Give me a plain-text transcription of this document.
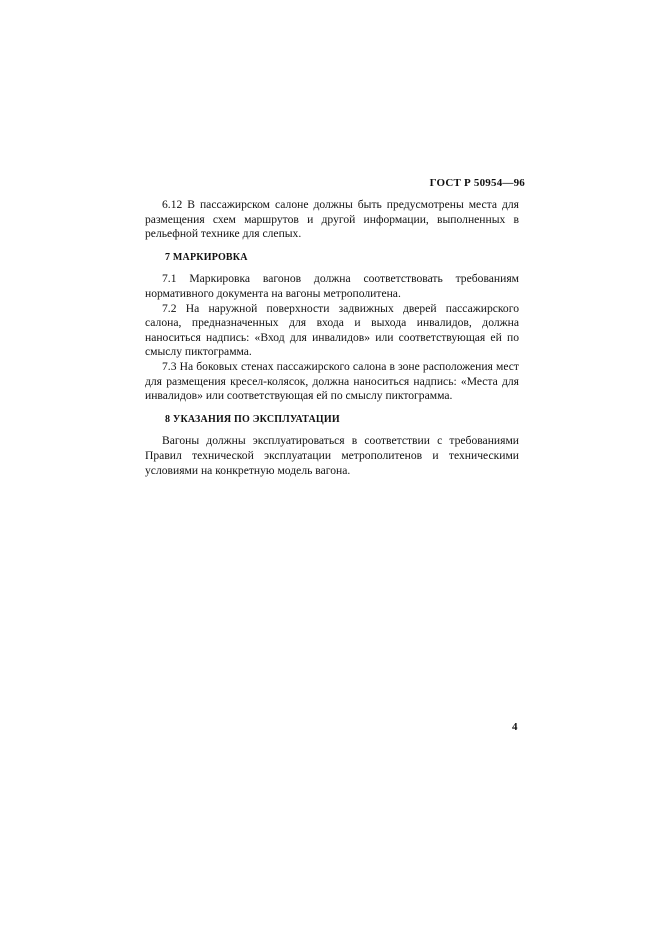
ГОСТ Р 50954—96

6.12 В пассажирском салоне должны быть предусмотрены места для размещения схем маршрутов и другой информации, выполненных в рельефной технике для слепых.

7 МАРКИРОВКА

7.1 Маркировка вагонов должна соответствовать требованиям нормативного документа на вагоны метрополитена.

7.2 На наружной поверхности задвижных дверей пассажирского салона, предназначенных для входа и выхода инвалидов, должна наноситься надпись: «Вход для инвалидов» или соответствующая ей по смыслу пиктограмма.

7.3 На боковых стенах пассажирского салона в зоне расположения мест для размещения кресел-колясок, должна наноситься надпись: «Места для инвалидов» или соответствующая ей по смыслу пиктограмма.

8 УКАЗАНИЯ ПО ЭКСПЛУАТАЦИИ

Вагоны должны эксплуатироваться в соответствии с требованиями Правил технической эксплуатации метрополитенов и техническими условиями на конкретную модель вагона.

4
